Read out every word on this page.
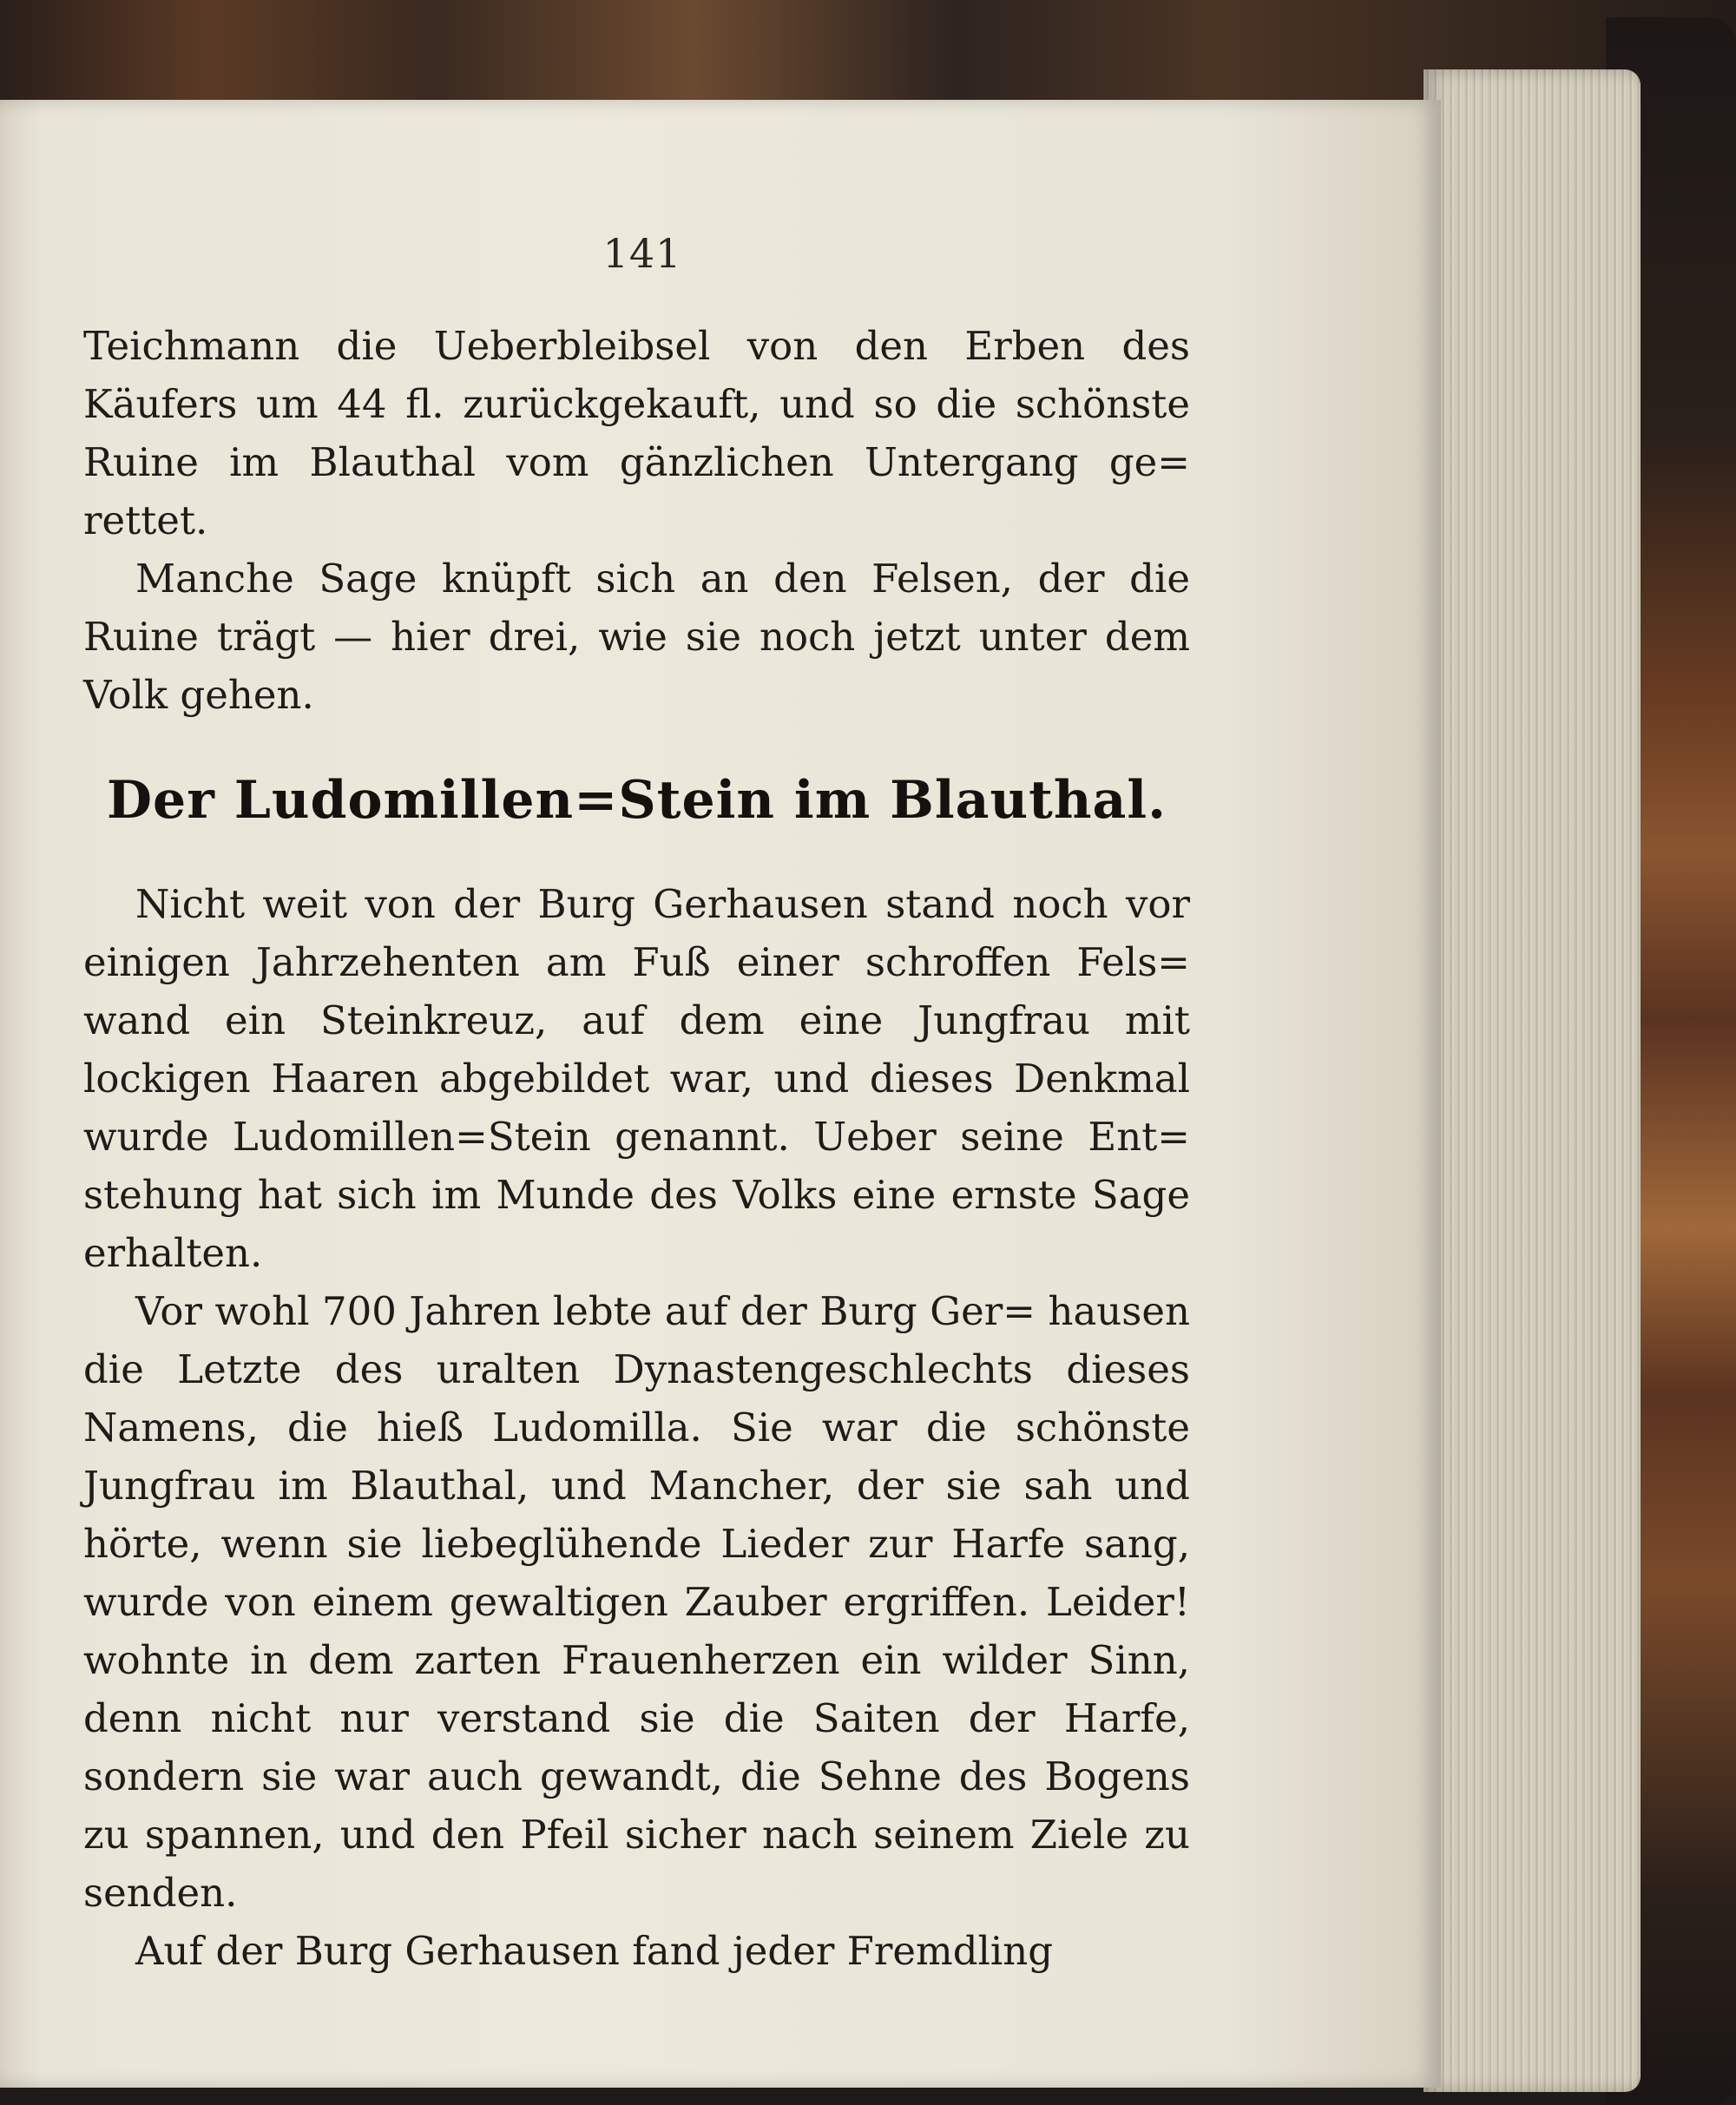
141

Teichmann die Ueberbleibsel von den Erben des Käufers um 44 fl. zurückgekauft, und so die schönste Ruine im Blauthal vom gänzlichen Untergang ge= rettet.

Manche Sage knüpft sich an den Felsen, der die Ruine trägt — hier drei, wie sie noch jetzt unter dem Volk gehen.

Der Ludomillen=Stein im Blauthal.

Nicht weit von der Burg Gerhausen stand noch vor einigen Jahrzehenten am Fuß einer schroffen Fels= wand ein Steinkreuz, auf dem eine Jungfrau mit lockigen Haaren abgebildet war, und dieses Denkmal wurde Ludomillen=Stein genannt. Ueber seine Ent= stehung hat sich im Munde des Volks eine ernste Sage erhalten.

Vor wohl 700 Jahren lebte auf der Burg Ger= hausen die Letzte des uralten Dynastengeschlechts dieses Namens, die hieß Ludomilla. Sie war die schönste Jungfrau im Blauthal, und Mancher, der sie sah und hörte, wenn sie liebeglühende Lieder zur Harfe sang, wurde von einem gewaltigen Zauber ergriffen. Leider! wohnte in dem zarten Frauenherzen ein wilder Sinn, denn nicht nur verstand sie die Saiten der Harfe, sondern sie war auch gewandt, die Sehne des Bogens zu spannen, und den Pfeil sicher nach seinem Ziele zu senden.

Auf der Burg Gerhausen fand jeder Fremdling
